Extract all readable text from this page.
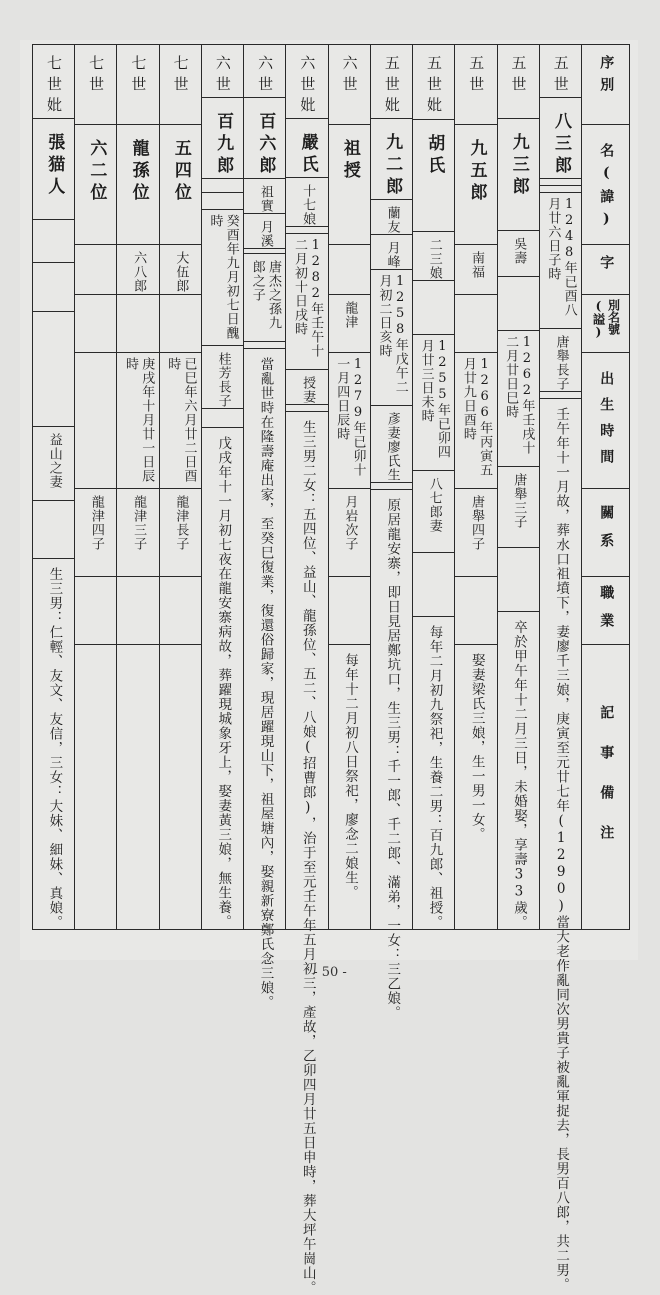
序別
名(諱)
字
別名號(謚)
出生時間
關系
職業
記事備注
五世
八三郎
1248年已酉八月廿六日子時
唐舉長子
壬午年十一月故，葬水口祖墳下，妻廖千三娘，庚寅至元廿七年(1290)當大老作亂同次男貴子被亂軍捉去，長男百八郎，共二男。
五世
九三郎
吳壽
1262年壬戌十二月廿日巳時
唐舉三子
卒於甲午年十二月三日，未婚娶，享壽33歲。
五世
九五郎
南福
1266年丙寅五月廿九日酉時
唐舉四子
娶妻梁氏三娘，生一男一女。
五世妣
胡氏
二三娘
1255年已卯四月廿三日未時
八七郎妻
每年二月初九祭祀，生養二男：百九郎、祖授。
五世妣
九二郎
蘭友
月峰
1258年戊午二月初二日亥時
彥妻廖氏生
原居龍安寨，即日見居鄭坑口，生三男：千一郎、千二郎、滿弟，一女：三乙娘。
六世
祖授
龍津
1279年已卯十一月四日辰時
月岩次子
每年十二月初八日祭祀，廖念二娘生。
六世妣
嚴氏
十七娘
1282年壬午十二月初十日戌時
授妻
生三男二女：五四位、益山、龍孫位、五二、八娘(招曹郎)，治于至元壬午年五月初三，產故，乙卯四月廿五日申時，葬大坪午崗山。
六世
百六郎
祖實
月溪
唐杰之孫九郎之子
當亂世時在隆壽庵出家，至癸巳復業，復還俗歸家，現居躍現山下，祖屋塘內，娶親新寮鄭氏念三娘。
六世
百九郎
癸酉年九月初七日醜時
桂芳長子
戊戌年十一月初七夜在龍安寨病故，葬躍現城象牙上，娶妻黃三娘，無生養。
七世
五四位
大伍郎
已巳年六月廿二日酉時
龍津長子
七世
龍孫位
六八郎
庚戌年十月廿一日辰時
龍津三子
七世
六二位
龍津四子
七世妣
張猫人
益山之妻
生三男：仁輕、友文、友信，三女：大妹、細妹、真娘。
- 50 -
